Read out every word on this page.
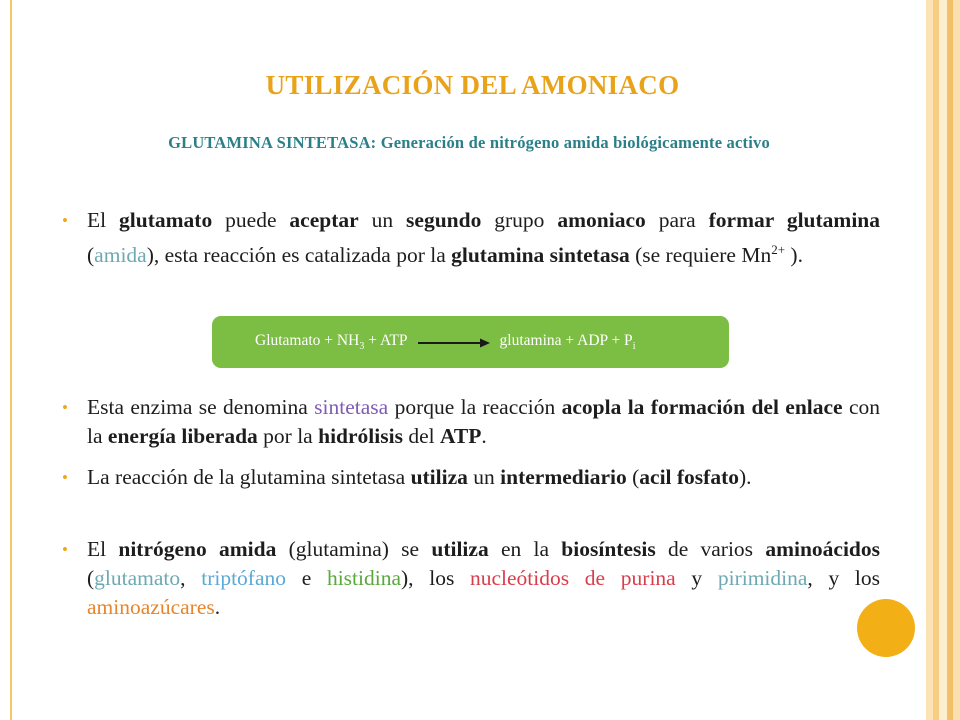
UTILIZACIÓN DEL AMONIACO
GLUTAMINA SINTETASA: Generación de nitrógeno amida biológicamente activo
• El glutamato puede aceptar un segundo grupo amoniaco para formar glutamina (amida), esta reacción es catalizada por la glutamina sintetasa (se requiere $Mn^{2+}$ ).
Glutamato + $NH_3$ + ATP	glutamina + ADP + $P_i$
• Esta enzima se denomina sintetasa porque la reacción acopla la formación del enlace con la energía liberada por la hidrólisis del ATP.
• La reacción de la glutamina sintetasa utiliza un intermediario (acil fosfato).
• El nitrógeno amida (glutamina) se utiliza en la biosíntesis de varios aminoácidos (glutamato, triptófano e histidina), los nucleótidos de purina y pirimidina, y los aminoazúcares.
